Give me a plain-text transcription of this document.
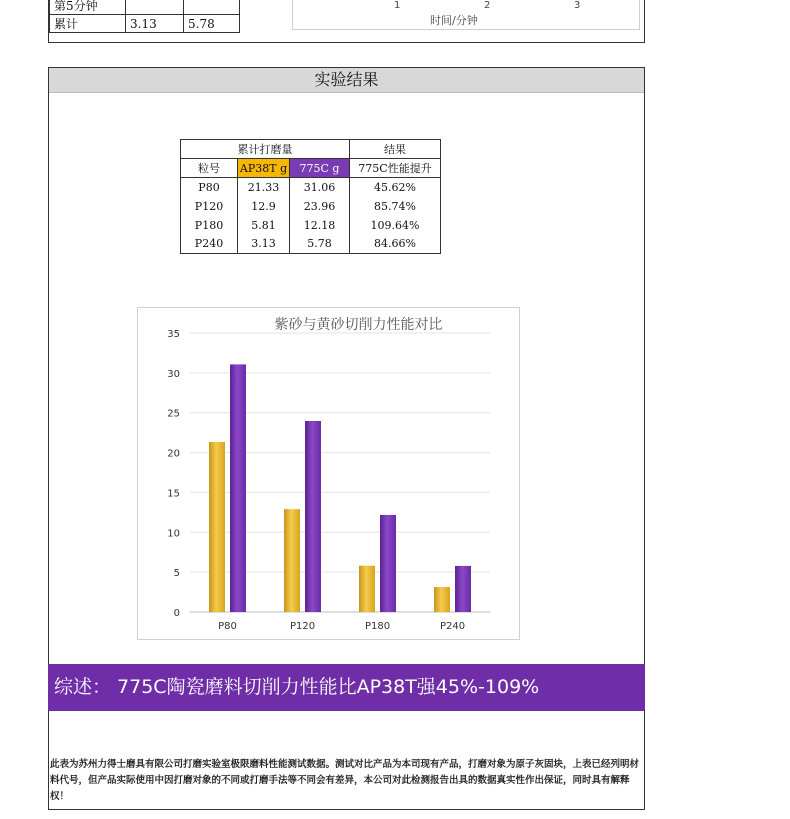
第5分钟		
累计	3.13	5.78
1	2	3
时间/分钟
实验结果
累计打磨量			结果
粒号	AP38T g	775C g	775C性能提升
P80	21.33	31.06	45.62%
P120	12.9	23.96	85.74%
P180	5.81	12.18	109.64%
P240	3.13	5.78	84.66%
紫砂与黄砂切削力性能对比
0
5
10
15
20
25
30
35
P80	P120	P180	P240
综述： 775C陶瓷磨料切削力性能比AP38T强45%-109%
此表为苏州力得士磨具有限公司打磨实验室极限磨料性能测试数据。测试对比产品为本司现有产品，打磨对象为原子灰固块，上表已经列明材料代号，但产品实际使用中因打磨对象的不同或打磨手法等不同会有差异，本公司对此检测报告出具的数据真实性作出保证，同时具有解释权！
